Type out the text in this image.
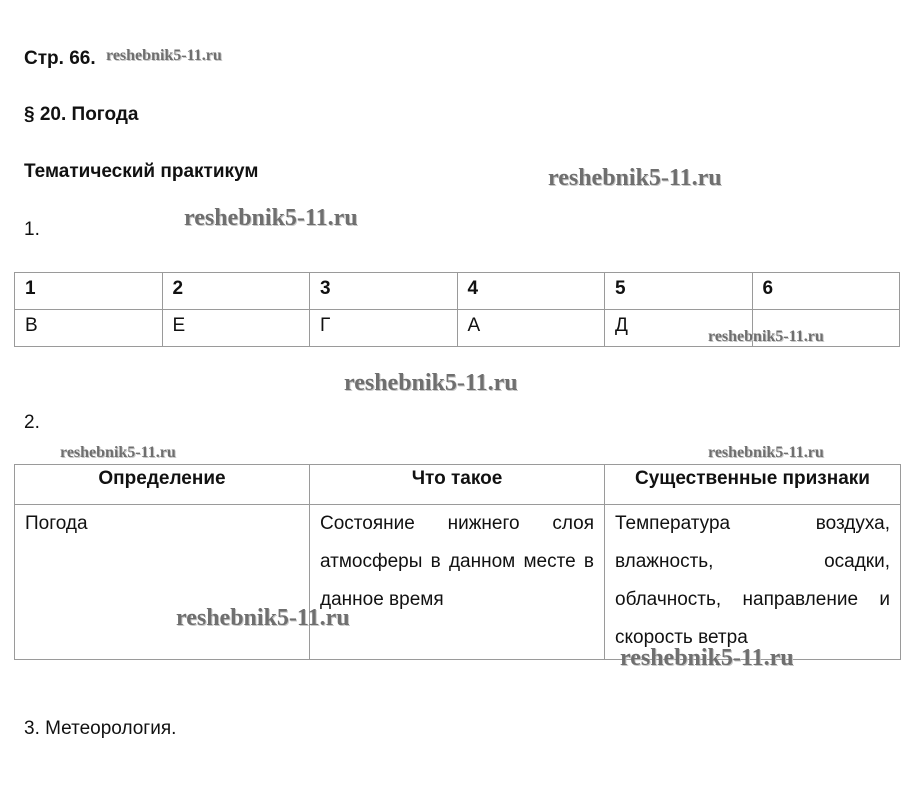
Стр. 66.
§ 20. Погода
Тематический практикум
1.
1	2	3	4	5	6
В	Е	Г	А	Д	
2.
Определение	Что такое	Существенные признаки
Погода	Состояние нижнего слоя атмосферы в данном месте в данное время	Температура воздуха, влажность, осадки, облачность, направление и скорость ветра
3. Метеорология.
reshebnik5-11.ru
reshebnik5-11.ru
reshebnik5-11.ru
reshebnik5-11.ru
reshebnik5-11.ru
reshebnik5-11.ru	reshebnik5-11.ru
reshebnik5-11.ru
reshebnik5-11.ru
